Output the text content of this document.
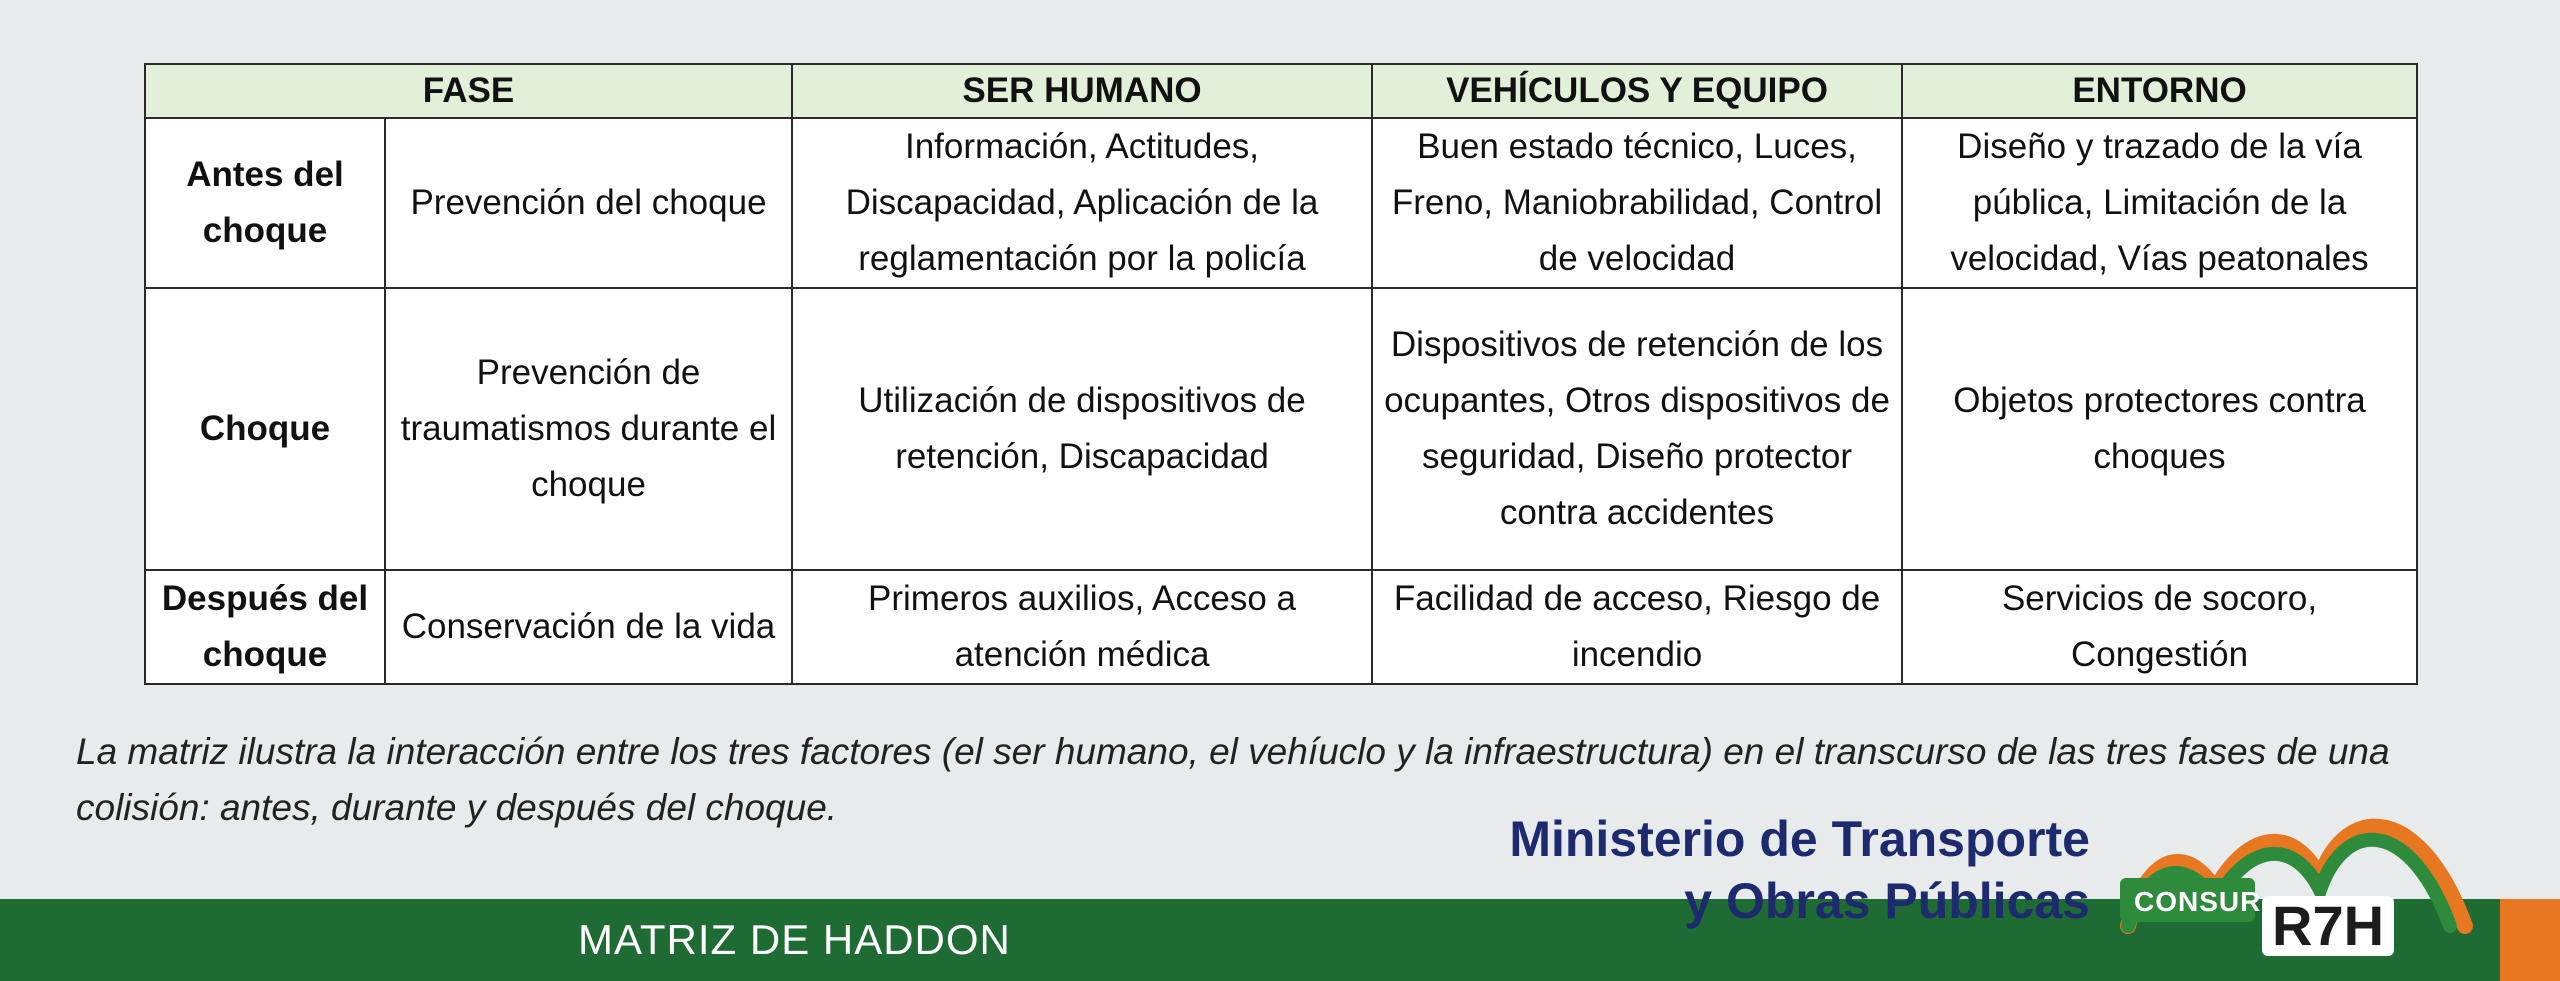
FASE		SER HUMANO	VEHÍCULOS Y EQUIPO	ENTORNO
Antes del choque	Prevención del choque	Información, Actitudes, Discapacidad, Aplicación de la reglamentación por la policía	Buen estado técnico, Luces, Freno, Maniobrabilidad, Control de velocidad	Diseño y trazado de la vía pública, Limitación de la velocidad, Vías peatonales
Choque	Prevención de traumatismos durante el choque	Utilización de dispositivos de retención, Discapacidad	Dispositivos de retención de los ocupantes, Otros dispositivos de seguridad, Diseño protector contra accidentes	Objetos protectores contra choques
Después del choque	Conservación de la vida	Primeros auxilios, Acceso a atención médica	Facilidad de acceso, Riesgo de incendio	Servicios de socoro, Congestión

La matriz ilustra la interacción entre los tres factores (el ser humano, el vehíuclo y la infraestructura) en el transcurso de las tres fases de una colisión: antes, durante y después del choque.

MATRIZ DE HADDON
Ministerio de Transporte
y Obras Públicas CONSUR R7H
